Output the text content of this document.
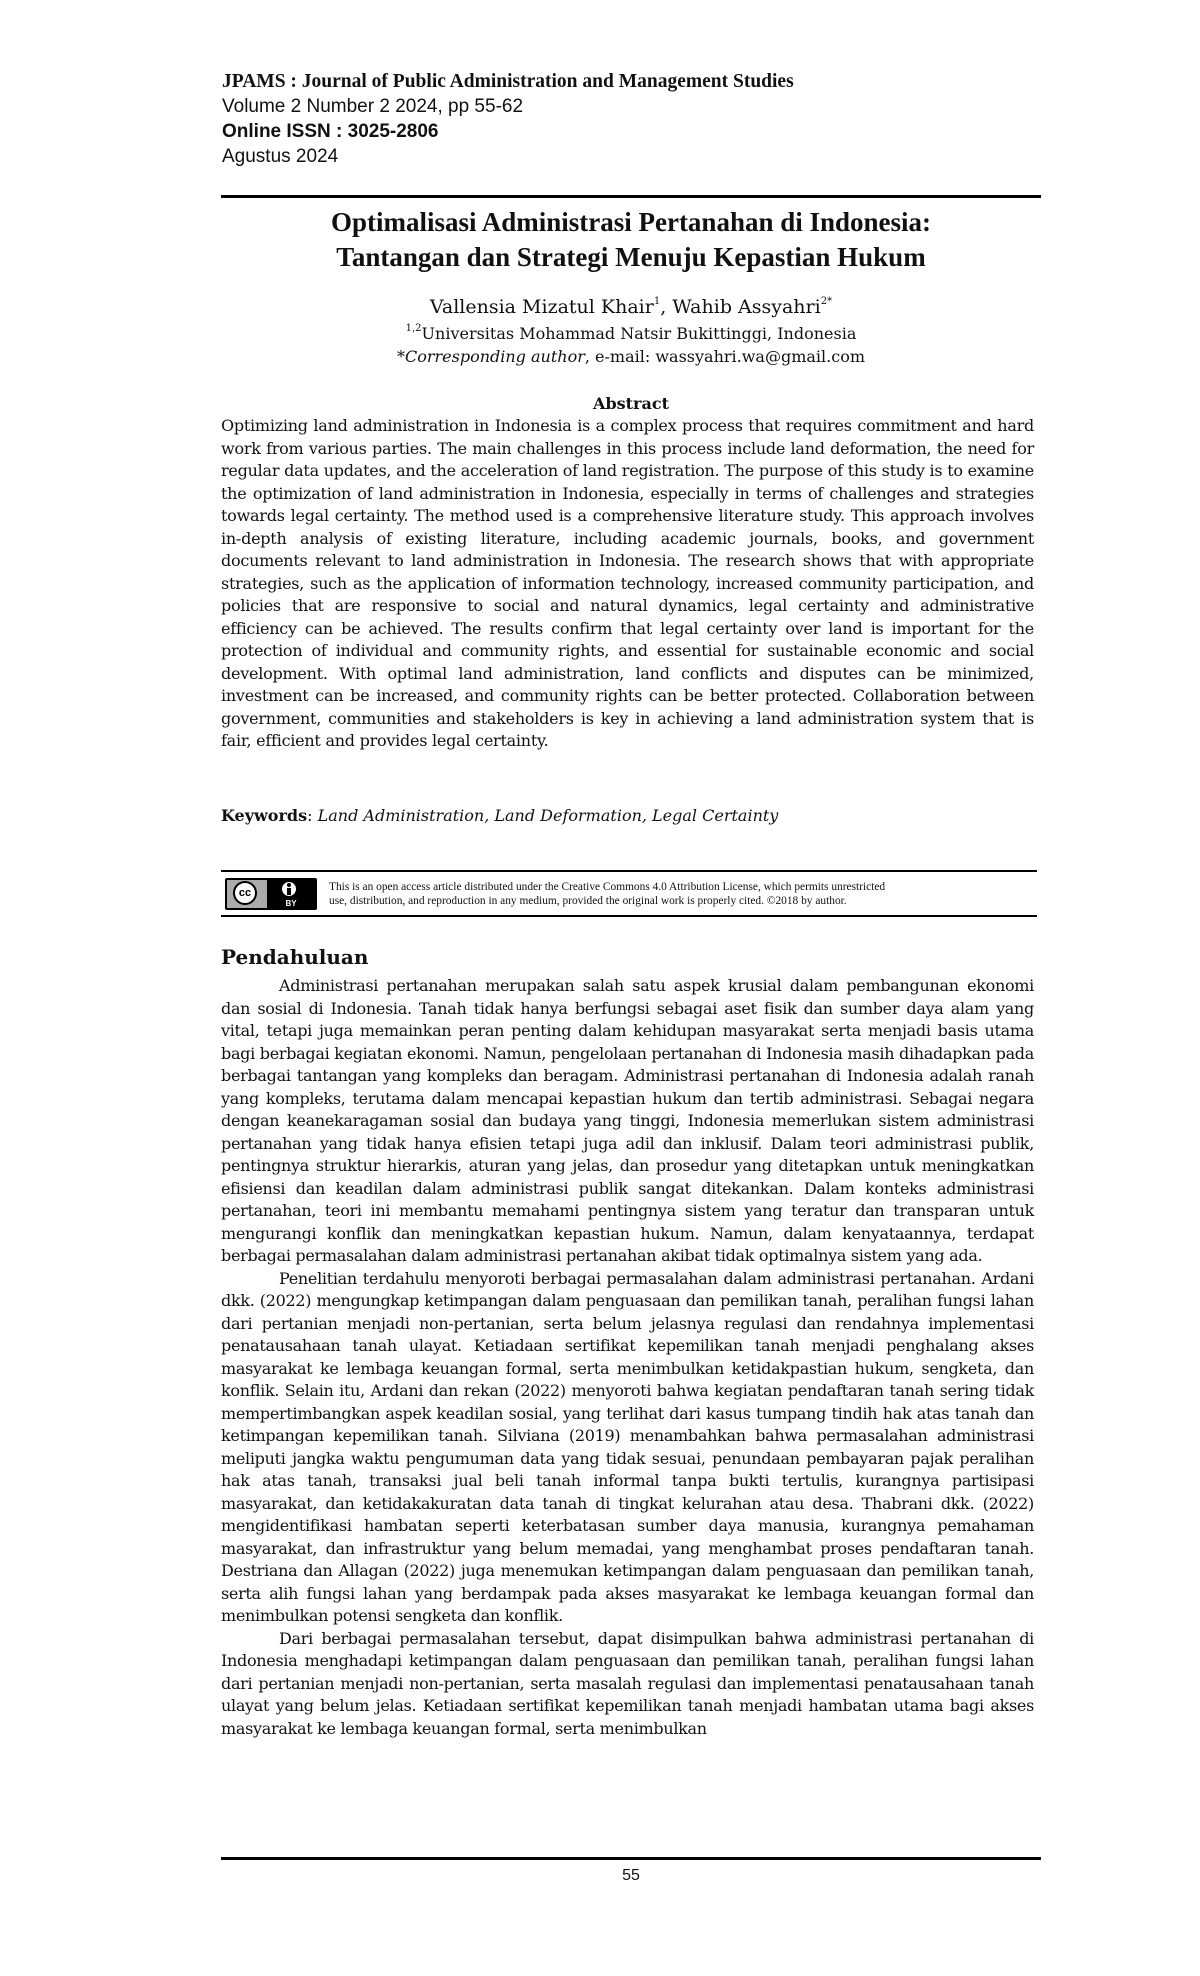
JPAMS : Journal of Public Administration and Management Studies
Volume 2 Number 2 2024, pp 55-62
Online ISSN : 3025-2806
Agustus 2024
Optimalisasi Administrasi Pertanahan di Indonesia:
Tantangan dan Strategi Menuju Kepastian Hukum
Vallensia Mizatul Khair$^1$, Wahib Assyahri$^{2*}$
$^{1,2}$Universitas Mohammad Natsir Bukittinggi, Indonesia
*Corresponding author, e-mail: wassyahri.wa@gmail.com
Abstract
Optimizing land administration in Indonesia is a complex process that requires commitment and hard work from various parties. The main challenges in this process include land deformation, the need for regular data updates, and the acceleration of land registration. The purpose of this study is to examine the optimization of land administration in Indonesia, especially in terms of challenges and strategies towards legal certainty. The method used is a comprehensive literature study. This approach involves in-depth analysis of existing literature, including academic journals, books, and government documents relevant to land administration in Indonesia. The research shows that with appropriate strategies, such as the application of information technology, increased community participation, and policies that are responsive to social and natural dynamics, legal certainty and administrative efficiency can be achieved. The results confirm that legal certainty over land is important for the protection of individual and community rights, and essential for sustainable economic and social development. With optimal land administration, land conflicts and disputes can be minimized, investment can be increased, and community rights can be better protected. Collaboration between government, communities and stakeholders is key in achieving a land administration system that is fair, efficient and provides legal certainty.
Keywords: Land Administration, Land Deformation, Legal Certainty
cc
BY
This is an open access article distributed under the Creative Commons 4.0 Attribution License, which permits unrestricted
use, distribution, and reproduction in any medium, provided the original work is properly cited. ©2018 by author.
Pendahuluan

Administrasi pertanahan merupakan salah satu aspek krusial dalam pembangunan ekonomi dan sosial di Indonesia. Tanah tidak hanya berfungsi sebagai aset fisik dan sumber daya alam yang vital, tetapi juga memainkan peran penting dalam kehidupan masyarakat serta menjadi basis utama bagi berbagai kegiatan ekonomi. Namun, pengelolaan pertanahan di Indonesia masih dihadapkan pada berbagai tantangan yang kompleks dan beragam. Administrasi pertanahan di Indonesia adalah ranah yang kompleks, terutama dalam mencapai kepastian hukum dan tertib administrasi. Sebagai negara dengan keanekaragaman sosial dan budaya yang tinggi, Indonesia memerlukan sistem administrasi pertanahan yang tidak hanya efisien tetapi juga adil dan inklusif. Dalam teori administrasi publik, pentingnya struktur hierarkis, aturan yang jelas, dan prosedur yang ditetapkan untuk meningkatkan efisiensi dan keadilan dalam administrasi publik sangat ditekankan. Dalam konteks administrasi pertanahan, teori ini membantu memahami pentingnya sistem yang teratur dan transparan untuk mengurangi konflik dan meningkatkan kepastian hukum. Namun, dalam kenyataannya, terdapat berbagai permasalahan dalam administrasi pertanahan akibat tidak optimalnya sistem yang ada.

Penelitian terdahulu menyoroti berbagai permasalahan dalam administrasi pertanahan. Ardani dkk. (2022) mengungkap ketimpangan dalam penguasaan dan pemilikan tanah, peralihan fungsi lahan dari pertanian menjadi non-pertanian, serta belum jelasnya regulasi dan rendahnya implementasi penatausahaan tanah ulayat. Ketiadaan sertifikat kepemilikan tanah menjadi penghalang akses masyarakat ke lembaga keuangan formal, serta menimbulkan ketidakpastian hukum, sengketa, dan konflik. Selain itu, Ardani dan rekan (2022) menyoroti bahwa kegiatan pendaftaran tanah sering tidak mempertimbangkan aspek keadilan sosial, yang terlihat dari kasus tumpang tindih hak atas tanah dan ketimpangan kepemilikan tanah. Silviana (2019) menambahkan bahwa permasalahan administrasi meliputi jangka waktu pengumuman data yang tidak sesuai, penundaan pembayaran pajak peralihan hak atas tanah, transaksi jual beli tanah informal tanpa bukti tertulis, kurangnya partisipasi masyarakat, dan ketidakakuratan data tanah di tingkat kelurahan atau desa. Thabrani dkk. (2022) mengidentifikasi hambatan seperti keterbatasan sumber daya manusia, kurangnya pemahaman masyarakat, dan infrastruktur yang belum memadai, yang menghambat proses pendaftaran tanah. Destriana dan Allagan (2022) juga menemukan ketimpangan dalam penguasaan dan pemilikan tanah, serta alih fungsi lahan yang berdampak pada akses masyarakat ke lembaga keuangan formal dan menimbulkan potensi sengketa dan konflik.

Dari berbagai permasalahan tersebut, dapat disimpulkan bahwa administrasi pertanahan di Indonesia menghadapi ketimpangan dalam penguasaan dan pemilikan tanah, peralihan fungsi lahan dari pertanian menjadi non-pertanian, serta masalah regulasi dan implementasi penatausahaan tanah ulayat yang belum jelas. Ketiadaan sertifikat kepemilikan tanah menjadi hambatan utama bagi akses masyarakat ke lembaga keuangan formal, serta menimbulkan

55
